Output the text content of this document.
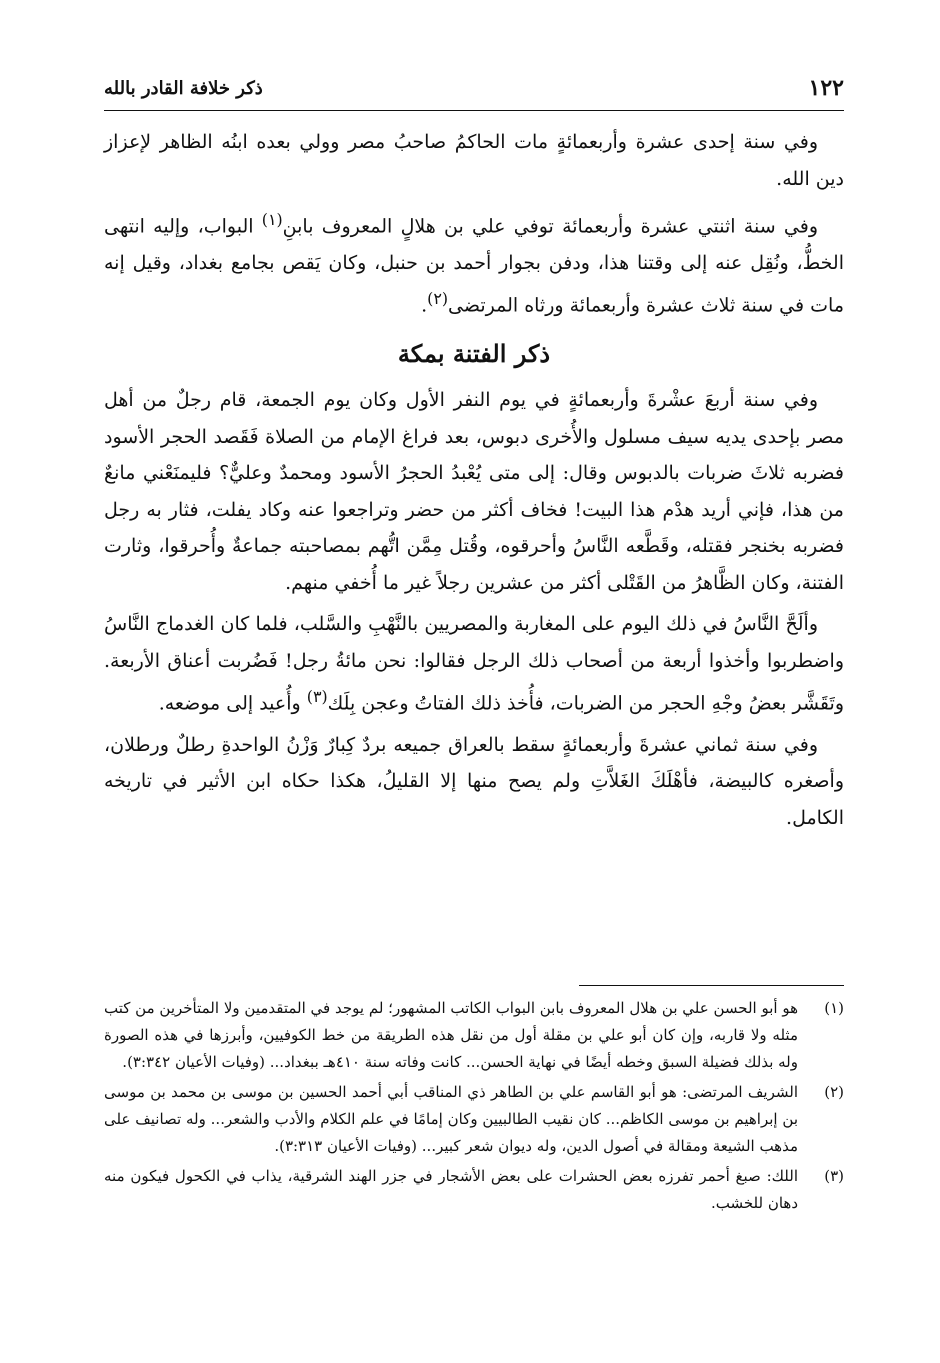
١٢٢
ذكر خلافة القادر بالله

وفي سنة إحدى عشرة وأربعمائةٍ مات الحاكمُ صاحبُ مصر وولي بعده ابنُه الظاهر لإعزاز دين الله.

وفي سنة اثنتي عشرة وأربعمائة توفي علي بن هلالٍ المعروف بابنِ$^{(١)}$ البواب، وإليه انتهى الخطُّ، ونُقِل عنه إلى وقتنا هذا، ودفن بجوار أحمد بن حنبل، وكان يَقص بجامع بغداد، وقيل إنه مات في سنة ثلاث عشرة وأربعمائة ورثاه المرتضى$^{(٢)}$.

ذكر الفتنة بمكة

وفي سنة أربعَ عشْرةَ وأربعمائةٍ في يوم النفر الأول وكان يوم الجمعة، قام رجلٌ من أهل مصر بإحدى يديه سيف مسلول والأُخرى دبوس، بعد فراغ الإمام من الصلاة فَقَصد الحجر الأسود فضربه ثلاثَ ضربات بالدبوس وقال: إلى متى يُعْبدُ الحجرُ الأسود ومحمدٌ وعليٌّ؟ فليمنَعْني مانعٌ من هذا، فإني أريد هدْم هذا البيت! فخاف أكثر من حضر وتراجعوا عنه وكاد يفلت، فثار به رجل فضربه بخنجر فقتله، وقَطَّعه النَّاسُ وأحرقوه، وقُتل مِمَّن اتُّهم بمصاحبته جماعةٌ وأُحرقوا، وثارت الفتنة، وكان الظَّاهرُ من القَتْلى أكثر من عشرين رجلاً غير ما أُخفي منهم.

وألَحَّ النَّاسُ في ذلك اليوم على المغاربة والمصريين بالنَّهْبِ والسَّلب، فلما كان الغدماج النَّاسُ واضطربوا وأخذوا أربعة من أصحاب ذلك الرجل فقالوا: نحن مائةُ رجل! فَضُربت أعناق الأربعة. وتَقَشَّر بعضُ وجْهِ الحجر من الضربات، فأُخذ ذلك الفتاتُ وعجن بِلَك$^{(٣)}$ وأُعيد إلى موضعه.

وفي سنة ثماني عشرةَ وأربعمائةٍ سقط بالعراق جميعه بردٌ كِبارٌ وَزْنُ الواحدةِ رطلٌ ورطلان، وأصغره كالبيضة، فأهْلَكَ الغَلاَّتِ ولم يصح منها إلا القليلُ، هكذا حكاه ابن الأثير في تاريخه الكامل.

(١)
هو أبو الحسن علي بن هلال المعروف بابن البواب الكاتب المشهور؛ لم يوجد في المتقدمين ولا المتأخرين من كتب مثله ولا قاربه، وإن كان أبو علي بن مقلة أول من نقل هذه الطريقة من خط الكوفيين، وأبرزها في هذه الصورة وله بذلك فضيلة السبق وخطه أيضًا في نهاية الحسن... كانت وفاته سنة ٤١٠هـ ببغداد... (وفيات الأعيان ٣:٣٤٢).
(٢)
الشريف المرتضى: هو أبو القاسم علي بن الطاهر ذي المناقب أبي أحمد الحسين بن موسى بن محمد بن موسى بن إبراهيم بن موسى الكاظم... كان نقيب الطالبيين وكان إمامًا في علم الكلام والأدب والشعر... وله تصانيف على مذهب الشيعة ومقالة في أصول الدين، وله ديوان شعر كبير... (وفيات الأعيان ٣:٣١٣).
(٣)
اللك: صبغ أحمر تفرزه بعض الحشرات على بعض الأشجار في جزر الهند الشرقية، يذاب في الكحول فيكون منه دهان للخشب.
